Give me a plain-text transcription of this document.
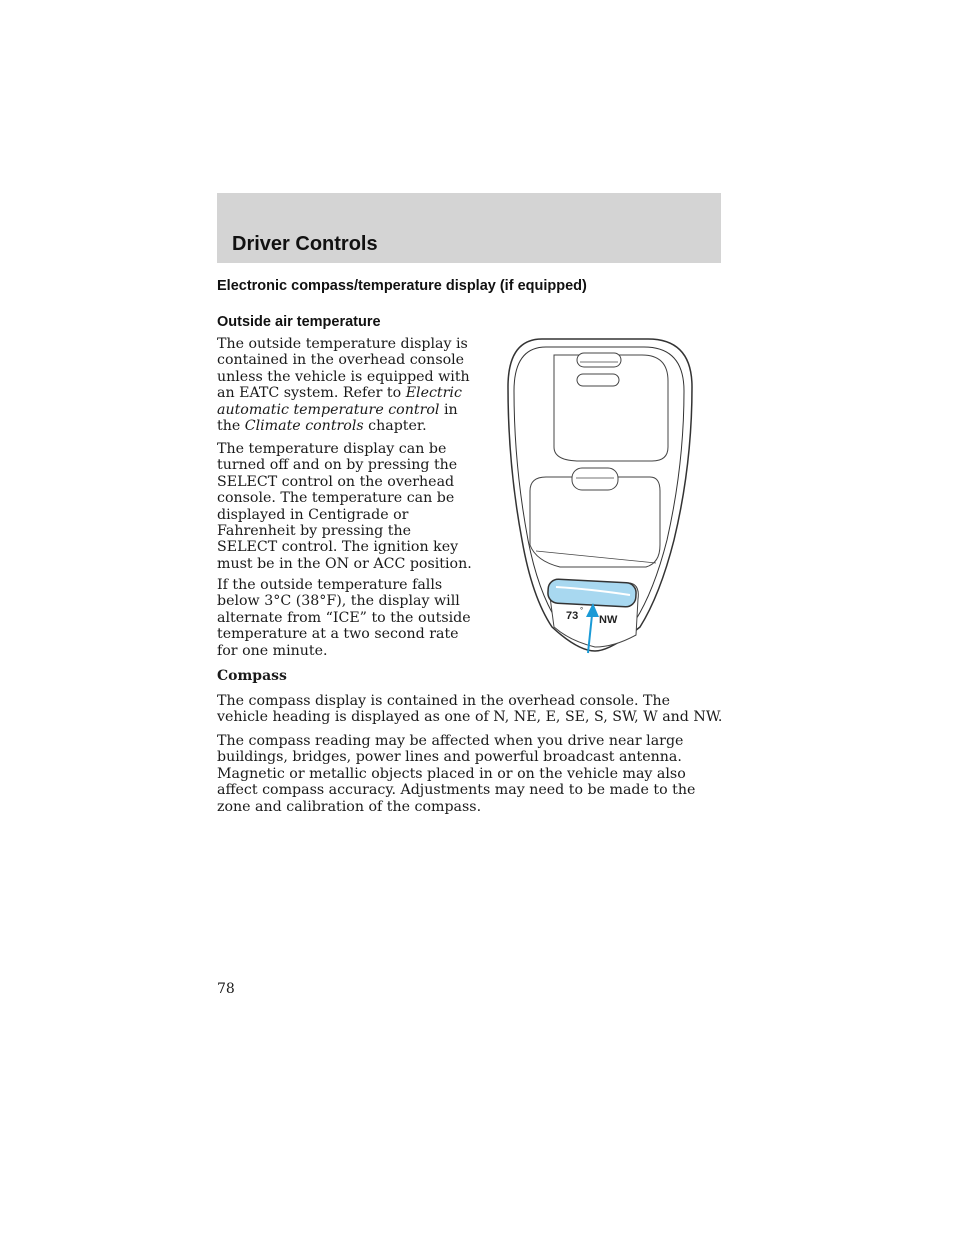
Driver Controls
Electronic compass/temperature display (if equipped)
Outside air temperature

The outside temperature display is contained in the overhead console unless the vehicle is equipped with an EATC system. Refer to Electric automatic temperature control in the Climate controls chapter.

The temperature display can be turned off and on by pressing the SELECT control on the overhead console. The temperature can be displayed in Centigrade or Fahrenheit by pressing the SELECT control. The ignition key must be in the ON or ACC position.

If the outside temperature falls below 3°C (38°F), the display will alternate from “ICE” to the outside temperature at a two second rate for one minute.

Compass

The compass display is contained in the overhead console. The vehicle heading is displayed as one of N, NE, E, SE, S, SW, W and NW.

The compass reading may be affected when you drive near large buildings, bridges, power lines and powerful broadcast antenna. Magnetic or metallic objects placed in or on the vehicle may also affect compass accuracy. Adjustments may need to be made to the zone and calibration of the compass.

73 °
NW

78
